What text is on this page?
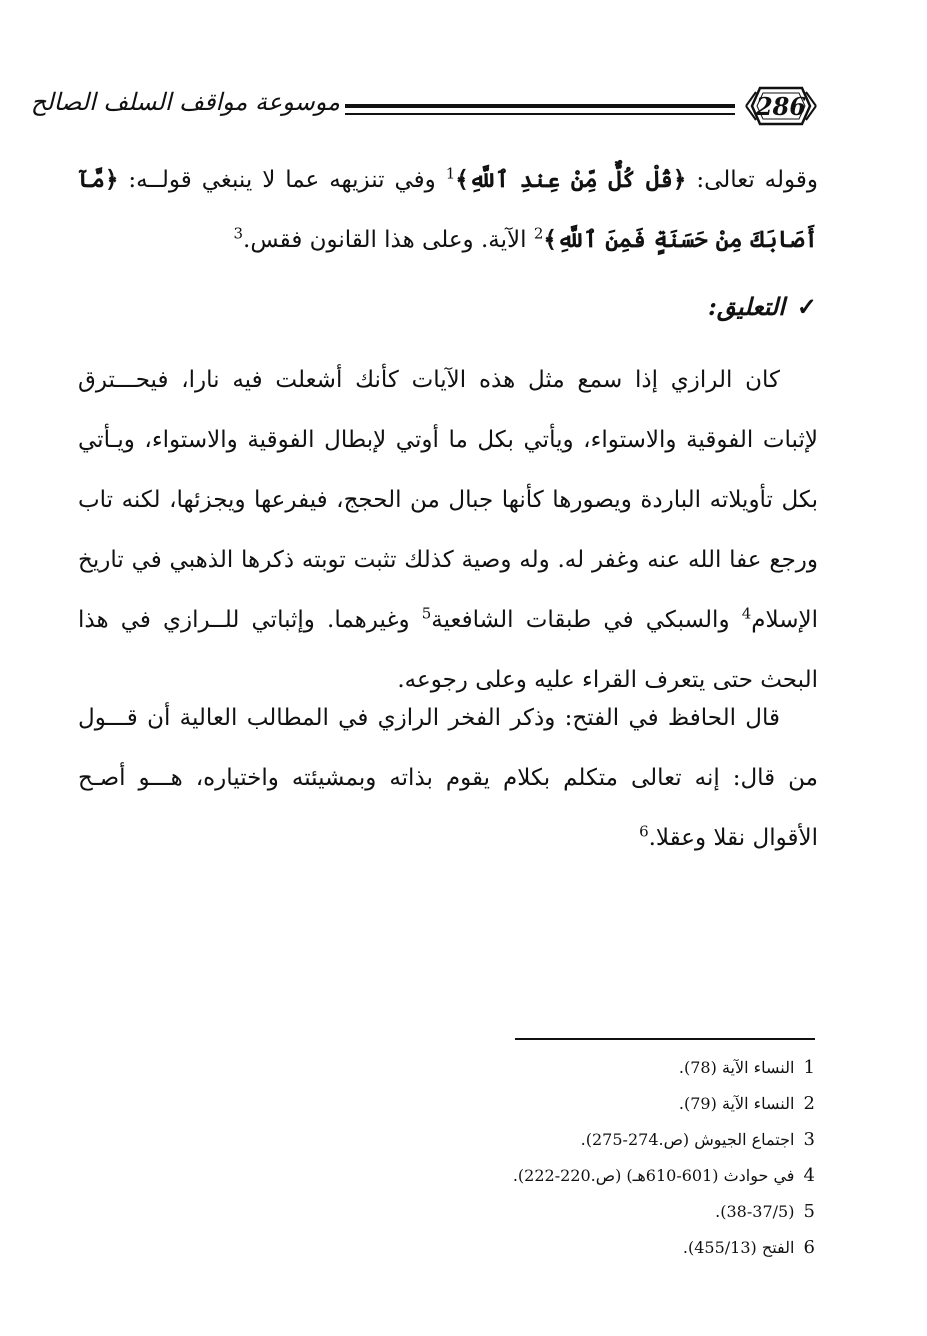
موسوعة مواقف السلف الصالح	286

وقوله تعالى: ﴿قُلْ كُلٌّ مِّنْ عِندِ ٱللَّهِ﴾$^1$ وفي تنزيهه عما لا ينبغي قولــه: ﴿مَّآ أَصَابَكَ مِنْ حَسَنَةٍ فَمِنَ ٱللَّهِ﴾$^2$ الآية. وعلى هذا القانون فقس.$^3$

✓التعليق:

كان الرازي إذا سمع مثل هذه الآيات كأنك أشعلت فيه نارا، فيحـــترق لإثبات الفوقية والاستواء، ويأتي بكل ما أوتي لإبطال الفوقية والاستواء، ويـأتي بكل تأويلاته الباردة ويصورها كأنها جبال من الحجج، فيفرعها ويجزئها، لكنه تاب ورجع عفا الله عنه وغفر له. وله وصية كذلك تثبت توبته ذكرها الذهبي في تاريخ الإسلام$^4$ والسبكي في طبقات الشافعية$^5$ وغيرهما. وإثباتي للــرازي في هذا البحث حتى يتعرف القراء عليه وعلى رجوعه.

قال الحافظ في الفتح: وذكر الفخر الرازي في المطالب العالية أن قـــول من قال: إنه تعالى متكلم بكلام يقوم بذاته وبمشيئته واختياره، هـــو أصـح الأقوال نقلا وعقلا.$^6$

1 النساء الآية (78).

2 النساء الآية (79).

3 اجتماع الجيوش (ص.274-275).

4 في حوادث (601-610هـ) (ص.220-222).

5 (38-37/5).

6 الفتح (455/13).
